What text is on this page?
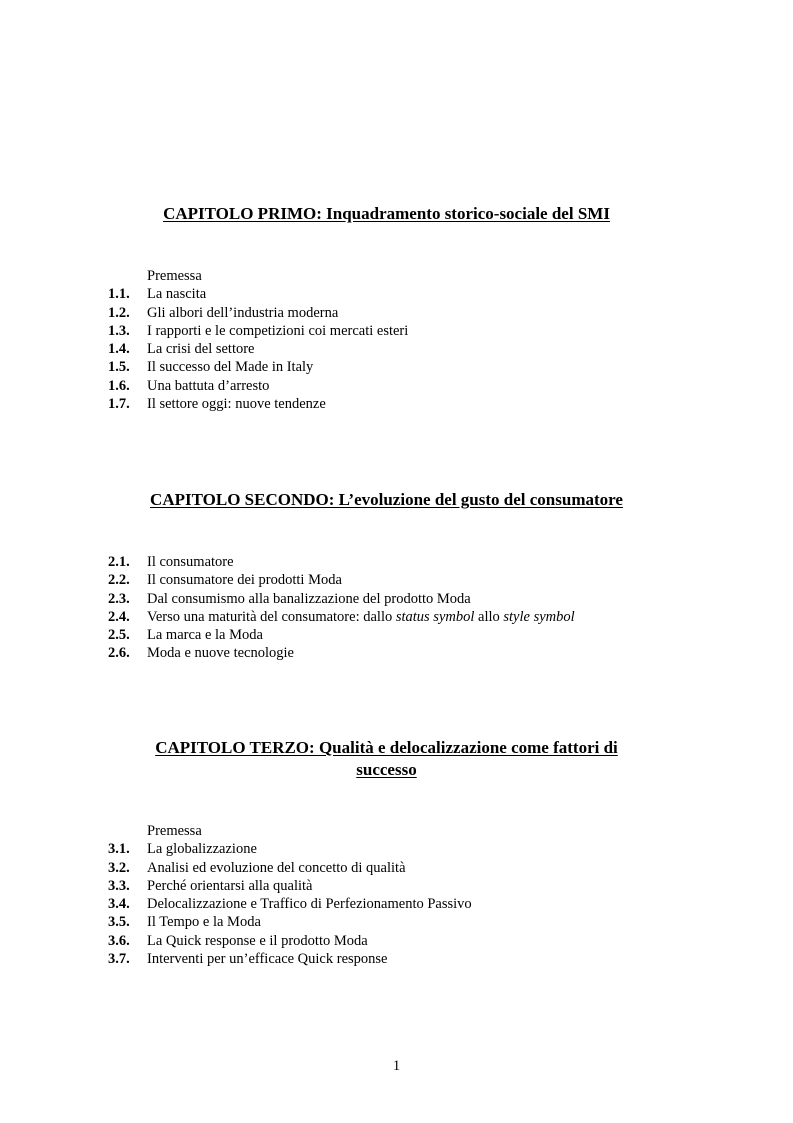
CAPITOLO PRIMO: Inquadramento storico-sociale del SMI
Premessa
1.1. La nascita
1.2. Gli albori dell’industria moderna
1.3. I rapporti e le competizioni coi mercati esteri
1.4. La crisi del settore
1.5. Il successo del Made in Italy
1.6. Una battuta d’arresto
1.7. Il settore oggi: nuove tendenze
CAPITOLO SECONDO: L’evoluzione del gusto del consumatore
2.1. Il consumatore
2.2. Il consumatore dei prodotti Moda
2.3. Dal consumismo alla banalizzazione del prodotto Moda
2.4. Verso una maturità del consumatore: dallo status symbol allo style symbol
2.5. La marca e la Moda
2.6. Moda e nuove tecnologie
CAPITOLO TERZO: Qualità e delocalizzazione come fattori di
successo
Premessa
3.1. La globalizzazione
3.2. Analisi ed evoluzione del concetto di qualità
3.3. Perché orientarsi alla qualità
3.4. Delocalizzazione e Traffico di Perfezionamento Passivo
3.5. Il Tempo e la Moda
3.6. La Quick response e il prodotto Moda
3.7. Interventi per un’efficace Quick response
1
